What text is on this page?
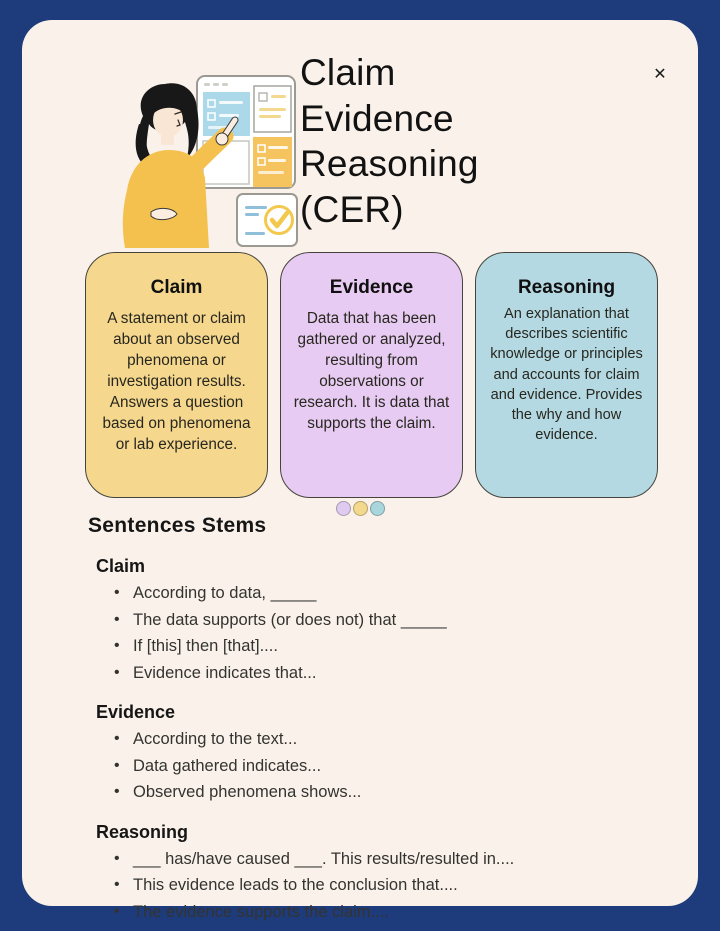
✕
Claim
Evidence
Reasoning
(CER)
Claim
A statement or claim about an observed phenomena or investigation results. Answers a question based on phenomena or lab experience.
Evidence
Data that has been gathered or analyzed, resulting from observations or research. It is data that supports the claim.
Reasoning
An explanation that describes scientific knowledge or principles and accounts for claim and evidence. Provides the why and how evidence.
Sentences Stems
Claim
• According to data, _____
• The data supports (or does not) that _____
• If [this] then [that]....
• Evidence indicates that...
Evidence
• According to the text...
• Data gathered indicates...
• Observed phenomena shows...
Reasoning
• ___ has/have caused ___. This results/resulted in....
• This evidence leads to the conclusion that....
• The evidence supports the claim....
